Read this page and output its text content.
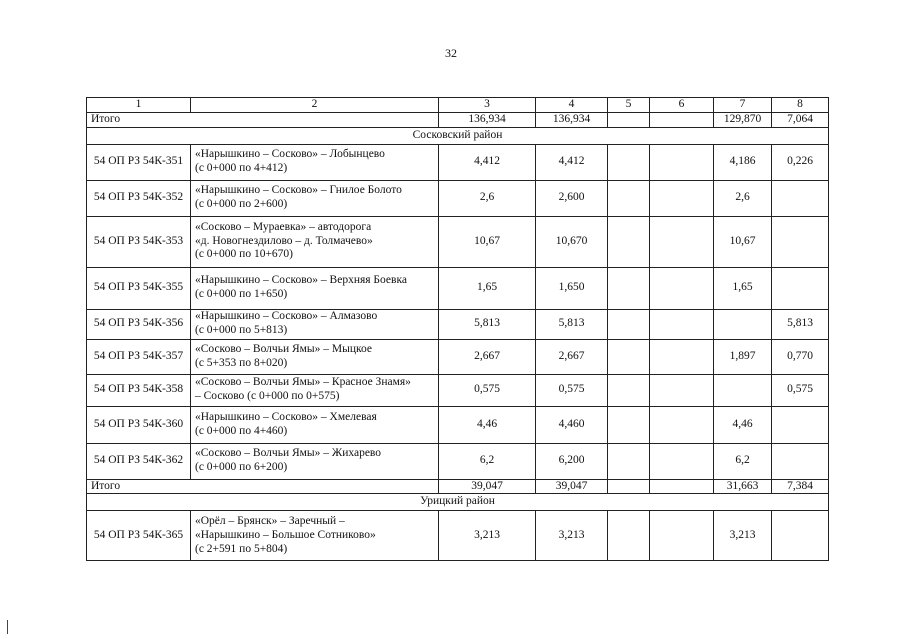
32
1	2	3	4	5	6	7	8
Итого		136,934	136,934			129,870	7,064
Сосковский район							
54 ОП РЗ 54К-351	«Нарышкино – Сосково» – Лобынцево
(с 0+000 по 4+412)	4,412	4,412			4,186	0,226
54 ОП РЗ 54К-352	«Нарышкино – Сосково» – Гнилое Болото
(с 0+000 по 2+600)	2,6	2,600			2,6	
54 ОП РЗ 54К-353	«Сосково – Мураевка» – автодорога
«д. Новогнездилово – д. Толмачево»
(с 0+000 по 10+670)	10,67	10,670			10,67	
54 ОП РЗ 54К-355	«Нарышкино – Сосково» – Верхняя Боевка
(с 0+000 по 1+650)	1,65	1,650			1,65	
54 ОП РЗ 54К-356	«Нарышкино – Сосково» – Алмазово
(с 0+000 по 5+813)	5,813	5,813				5,813
54 ОП РЗ 54К-357	«Сосково – Волчьи Ямы» – Мыцкое
(с 5+353 по 8+020)	2,667	2,667			1,897	0,770
54 ОП РЗ 54К-358	«Сосково – Волчьи Ямы» – Красное Знамя»
– Сосково (с 0+000 по 0+575)	0,575	0,575				0,575
54 ОП РЗ 54К-360	«Нарышкино – Сосково» – Хмелевая
(с 0+000 по 4+460)	4,46	4,460			4,46	
54 ОП РЗ 54К-362	«Сосково – Волчьи Ямы» – Жихарево
(с 0+000 по 6+200)	6,2	6,200			6,2	
Итого		39,047	39,047			31,663	7,384
Урицкий район							
54 ОП РЗ 54К-365	«Орёл – Брянск» – Заречный –
«Нарышкино – Большое Сотниково»
(с 2+591 по 5+804)	3,213	3,213			3,213	
